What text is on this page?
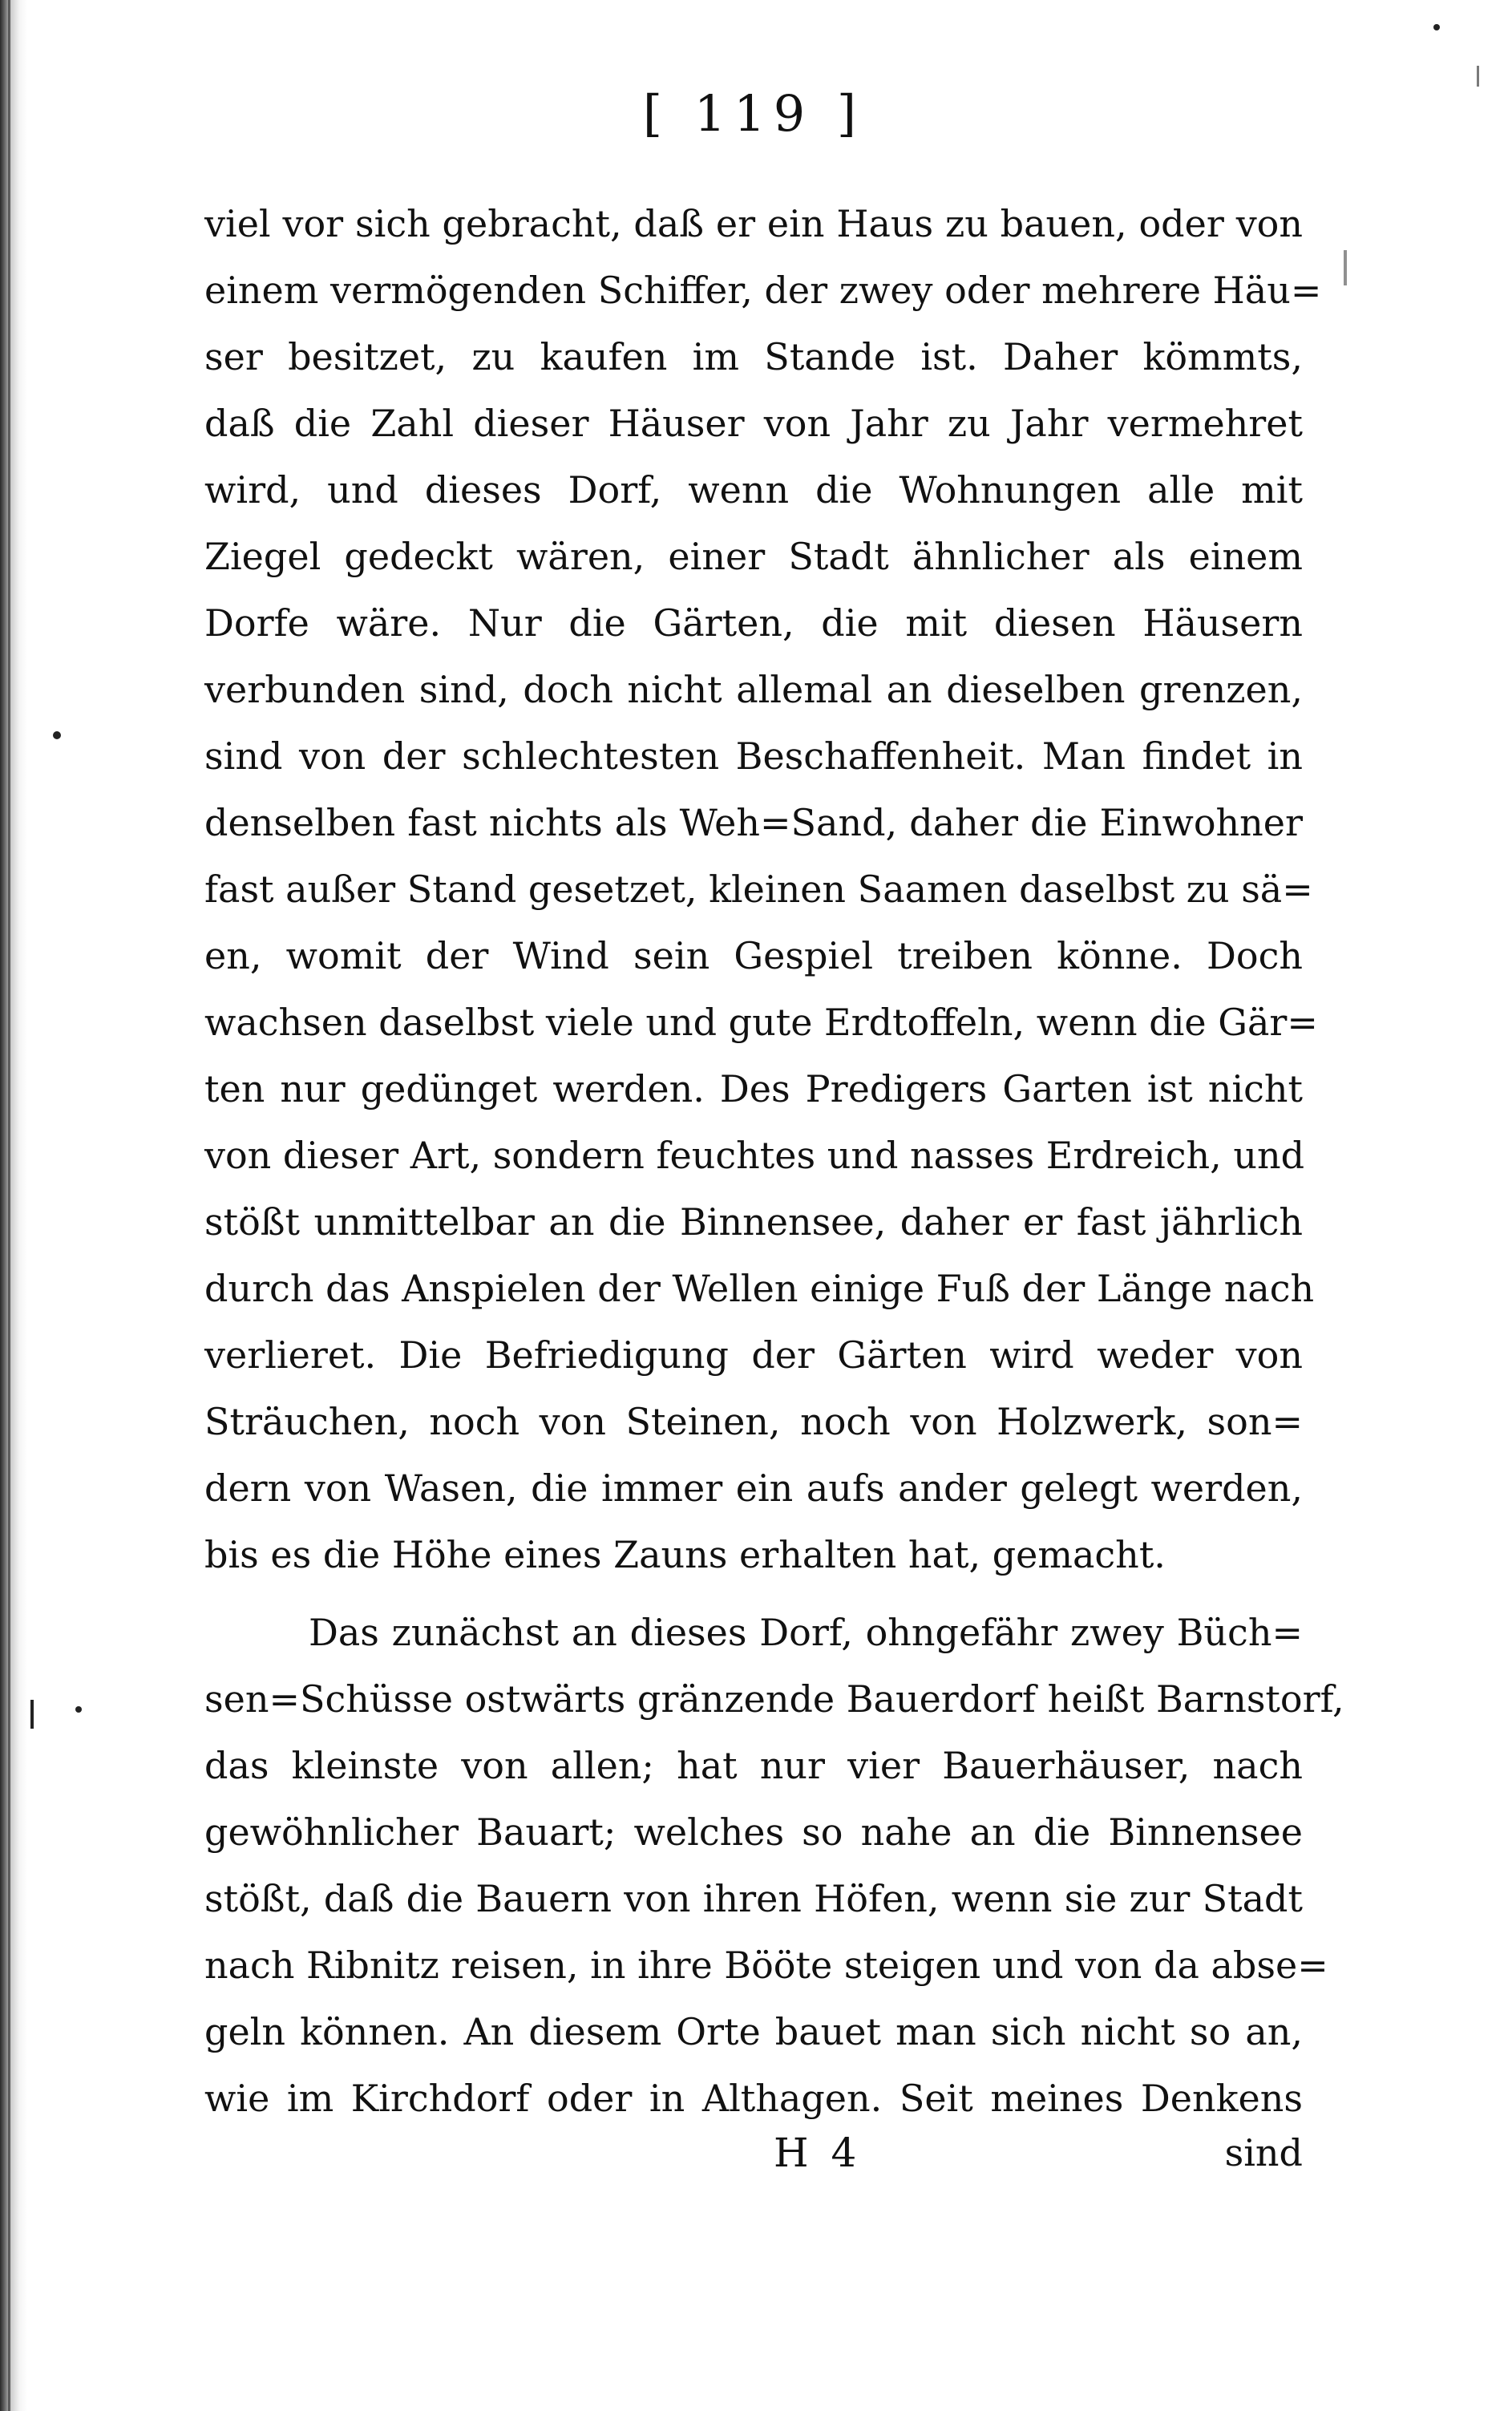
[ 119 ]
viel vor sich gebracht, daß er ein Haus zu bauen, oder von
einem vermögenden Schiffer, der zwey oder mehrere Häu=
ser besitzet, zu kaufen im Stande ist. Daher kömmts,
daß die Zahl dieser Häuser von Jahr zu Jahr vermehret
wird, und dieses Dorf, wenn die Wohnungen alle mit
Ziegel gedeckt wären, einer Stadt ähnlicher als einem
Dorfe wäre. Nur die Gärten, die mit diesen Häusern
verbunden sind, doch nicht allemal an dieselben grenzen,
sind von der schlechtesten Beschaffenheit. Man findet in
denselben fast nichts als Weh=Sand, daher die Einwohner
fast außer Stand gesetzet, kleinen Saamen daselbst zu sä=
en, womit der Wind sein Gespiel treiben könne. Doch
wachsen daselbst viele und gute Erdtoffeln, wenn die Gär=
ten nur gedünget werden. Des Predigers Garten ist nicht
von dieser Art, sondern feuchtes und nasses Erdreich, und
stößt unmittelbar an die Binnensee, daher er fast jährlich
durch das Anspielen der Wellen einige Fuß der Länge nach
verlieret. Die Befriedigung der Gärten wird weder von
Sträuchen, noch von Steinen, noch von Holzwerk, son=
dern von Wasen, die immer ein aufs ander gelegt werden,
bis es die Höhe eines Zauns erhalten hat, gemacht.
Das zunächst an dieses Dorf, ohngefähr zwey Büch=
sen=Schüsse ostwärts gränzende Bauerdorf heißt Barnstorf,
das kleinste von allen; hat nur vier Bauerhäuser, nach
gewöhnlicher Bauart; welches so nahe an die Binnensee
stößt, daß die Bauern von ihren Höfen, wenn sie zur Stadt
nach Ribnitz reisen, in ihre Bööte steigen und von da abse=
geln können. An diesem Orte bauet man sich nicht so an,
wie im Kirchdorf oder in Althagen. Seit meines Denkens
H 4	sind
